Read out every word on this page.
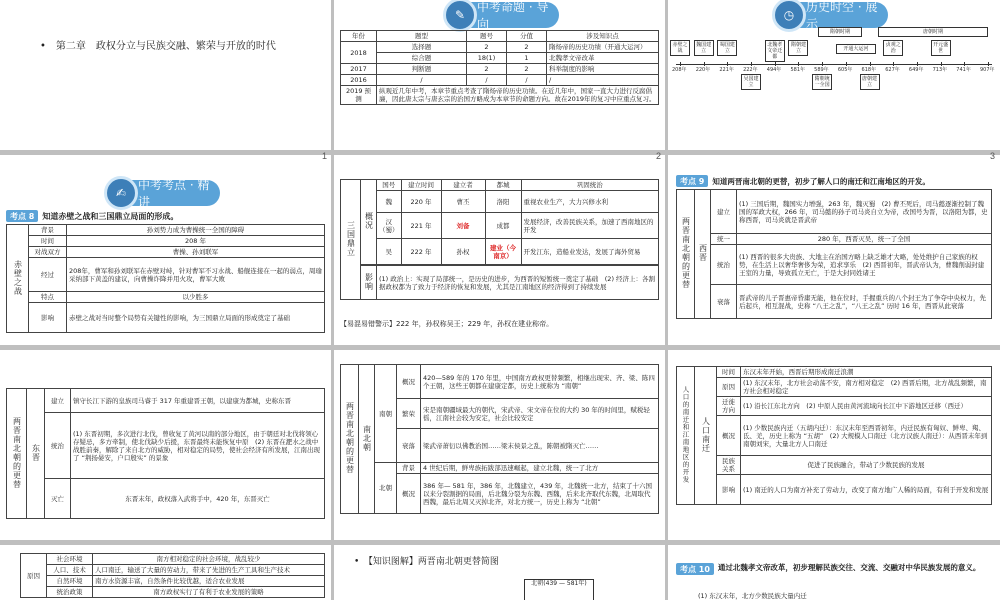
•　第二章　政权分立与民族交融、繁荣与开放的时代
✎
中考命题 · 导向
年份	题型	题号	分值	涉及知识点
2018	选择题	2	2	隋炀帝的历史功绩（开通大运河）
	综合题	18(1)	1	北魏孝文帝改革
2017	判断题	2	2	科举制度的影响
2016	/	/	/	/
2019 预测	纵观近几年中考，本章节重点考查了隋炀帝的历史功绩。在近几年中，国家一直大力进行反腐倡廉，因此唐太宗与唐玄宗的治国方略成为本章节的命题方向。故在2019年的复习中应重点复习。			
◷
历史时空 · 展示
隋朝时期	唐朝时期
208年 220年 221年 222年 494年 581年 589年 605年 618年 627年 649年 713年 741年 907年
赤壁之战
魏国建立
蜀国建立
北魏孝文帝迁都
隋朝建立	开通大运河
贞观之治
开元盛世
吴国建立
隋朝统一全国
唐朝建立
✍
中考考点 · 精讲
考点 8	知道赤壁之战和三国鼎立局面的形成。
赤壁之战	背景	孙刘势力成为曹操统一全国的障碍
	时间	208 年
	对战双方	曹操、孙刘联军
	经过	208年，曹军和孙刘联军在赤壁对峙，针对曹军不习水战、船舰连接在一起的弱点，周瑜采纳部下黄盖的建议，向曹操诈降并用火攻，曹军大败
	特点	以少胜多
	影响	赤壁之战对当时整个局势有关键性的影响，为三国鼎立局面的形成奠定了基础
三国鼎立	概况	国号	建立时间	建立者	都城	巩固统治
		魏	220 年	曹丕	洛阳	重视农业生产，大力兴修水利
		汉（蜀）	221 年	刘备	成都	发展经济，改善民族关系，加速了西南地区的开发
		吴	222 年	孙权	建业（今南京）	开发江东，造船业发达，发展了海外贸易

	影响	(1) 政治上：实现了局部统一，是历史的进步，为西晋的短暂统一奠定了基础　(2) 经济上：各割据政权都为了致力于经济的恢复和发展，尤其是江南地区的经济得到了持续发展				
【易混易错警示】222 年，孙权称吴王；229 年，孙权在建业称帝。
考点 9	知道两晋南北朝的更替，初步了解人口的南迁和江南地区的开发。
两晋南北朝的更替	西晋	建立	(1) 三国后期，魏国实力增强，263 年，魏灭蜀　(2) 曹丕死后，司马懿逐渐控制了魏国的军政大权，266 年，司马懿的孙子司马炎自立为帝，改国号为晋，以洛阳为都，史称西晋，司马炎就是晋武帝
		统一	280 年，西晋灭吴，统一了全国
		统治	(1) 西晋的很多大贵族、大地主在治国方略上缺乏雄才大略，处处维护自己家族的权势，在生活上以奢华奢侈为荣，追求享乐　(2) 西晋初年，晋武帝认为，曹魏削弱封建王室的力量，导致孤立无亡，于是大封同姓诸王
		衰落	晋武帝的儿子晋惠帝昏庸无能，他在位时，手握重兵的八个封王为了争夺中央权力，先后起兵，相互混战，史称 “八王之乱”，“八王之乱” 历时 16 年，西晋从此衰落
两晋南北朝的更替	东晋	建立	镇守长江下游的皇族司马睿于 317 年重建晋王朝，以建康为都城，史称东晋
		统治	(1) 东晋初期，多次进行北伐，曾收复了黄河以南的部分地区，由于朝廷对北伐将领心存疑忌，多方牵制，使北伐缺少后援，东晋最终未能恢复中原　(2) 东晋在淝水之战中战胜前秦，解除了来自北方的威胁，相对稳定的局势，使社会经济有所发展，江南出现了 “荆扬晏安，户口殷实” 的景象
		灭亡	东晋末年，政权落入武将手中，420 年，东晋灭亡
两晋南北朝的更替	南北朝	南朝	概况	420—589 年的 170 年里，中国南方政权更替频繁，相继出现宋、齐、梁、陈四个王朝，这些王朝都在建康定都，历史上统称为 “南朝”
			繁荣	宋是南朝疆域最大的朝代，宋武帝、宋文帝在位的大约 30 年的时间里，赋税轻徭，江南社会较为安定，社会比较安定
			衰落	梁武帝萧衍以佛教治国……梁末侯景之乱，陈朝被隋灭亡……
		北朝	背景	4 世纪后期，鲜卑族拓跋部迅速崛起，建立北魏，统一了北方
			概况	386 年— 581 年，386 年，北魏建立，439 年，北魏统一北方，结束了十六国以来分裂割据的局面，后北魏分裂为东魏、西魏，后来北齐取代东魏，北周取代西魏，最后北周又灭掉北齐，对北方统一，历史上称为 “北朝”
人口的南迁和江南地区的开发	人口南迁	时间	东汉末年开始，西晋后期形成南迁浪潮
		原因	(1) 东汉末年，北方社会动荡不安，南方相对稳定　(2) 西晋后期，北方战乱频繁，南方社会相对稳定
		迁徙方向	(1) 沿长江东北方向　(2) 中原人民由黄河流域向长江中下游地区迁移（西迁）
		概况	(1) 少数民族内迁（五胡内迁）：东汉末年至西晋初年，内迁民族有匈奴、鲜卑、羯、氐、羌，历史上称为 “五胡”　(2) 大规模人口南迁（北方汉族人南迁）：从西晋末年到南朝刘宋，大量北方人口南迁
		民族关系	促进了民族融合，带动了少数民族的发展
		影响	(1) 南迁的人口为南方补充了劳动力，改变了南方地广人稀的局面，有利于开发和发展
原因	社会环境	南方相对稳定的社会环境，战乱较少
	人口、技术	人口南迁，输送了大量的劳动力，带来了先进的生产工具和生产技术
	自然环境	南方水资源丰富，自然条件比较优越，适合农业发展
	统治政策	南方政权实行了有利于农业发展的策略
•　【知识图解】两晋南北朝更替简图
北朝(439 — 581年)
考点 10	通过北魏孝文帝改革，初步理解民族交往、交流、交融对中华民族发展的意义。
(1) 东汉末年，北方少数民族大量内迁
1	2	3
